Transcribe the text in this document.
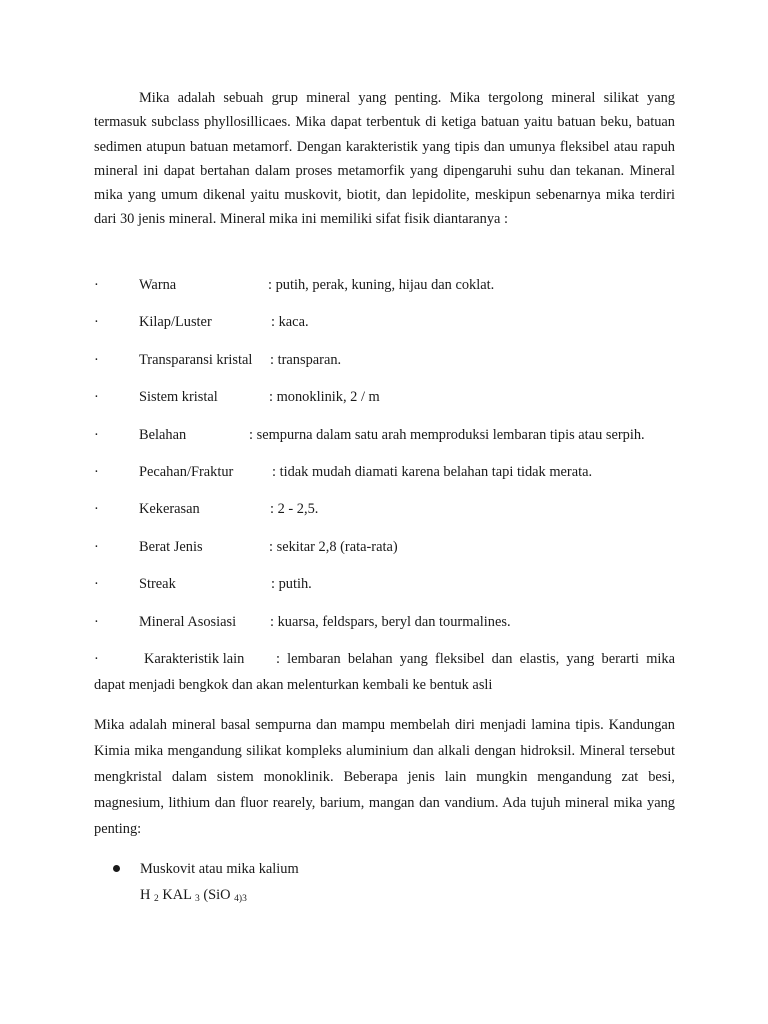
Mika adalah sebuah grup mineral yang penting. Mika tergolong mineral silikat yang termasuk subclass phyllosillicaes. Mika dapat terbentuk di ketiga batuan yaitu batuan beku, batuan sedimen atupun batuan metamorf. Dengan karakteristik yang tipis dan umunya fleksibel atau rapuh mineral ini dapat bertahan dalam proses metamorfik yang dipengaruhi suhu dan tekanan. Mineral mika yang umum dikenal yaitu muskovit, biotit, dan lepidolite, meskipun sebenarnya mika terdiri dari 30 jenis mineral. Mineral mika ini memiliki sifat fisik diantaranya :

·	Warna	: putih, perak, kuning, hijau dan coklat.
·	Kilap/Luster	: kaca.
·	Transparansi kristal : transparan.
·	Sistem kristal	: monoklinik, 2 / m
·	Belahan	: sempurna dalam satu arah memproduksi lembaran tipis atau serpih.
·	Pecahan/Fraktur	: tidak mudah diamati karena belahan tapi tidak merata.
·	Kekerasan	: 2 - 2,5.
·	Berat Jenis	: sekitar 2,8 (rata-rata)
·	Streak	: putih.
·	Mineral Asosiasi : kuarsa, feldspars, beryl dan tourmalines.
·	Karakteristik lain	: lembaran belahan yang fleksibel dan elastis, yang berarti mika
dapat menjadi bengkok dan akan melenturkan kembali ke bentuk asli

Mika adalah mineral basal sempurna dan mampu membelah diri menjadi lamina tipis. Kandungan Kimia mika mengandung silikat kompleks aluminium dan alkali dengan hidroksil. Mineral tersebut mengkristal dalam sistem monoklinik. Beberapa jenis lain mungkin mengandung zat besi, magnesium, lithium dan fluor rearely, barium, mangan dan vandium. Ada tujuh mineral mika yang penting:

Muskovit atau mika kalium
H $_2$ KAL $_3$ (SiO $_{4)3}$
